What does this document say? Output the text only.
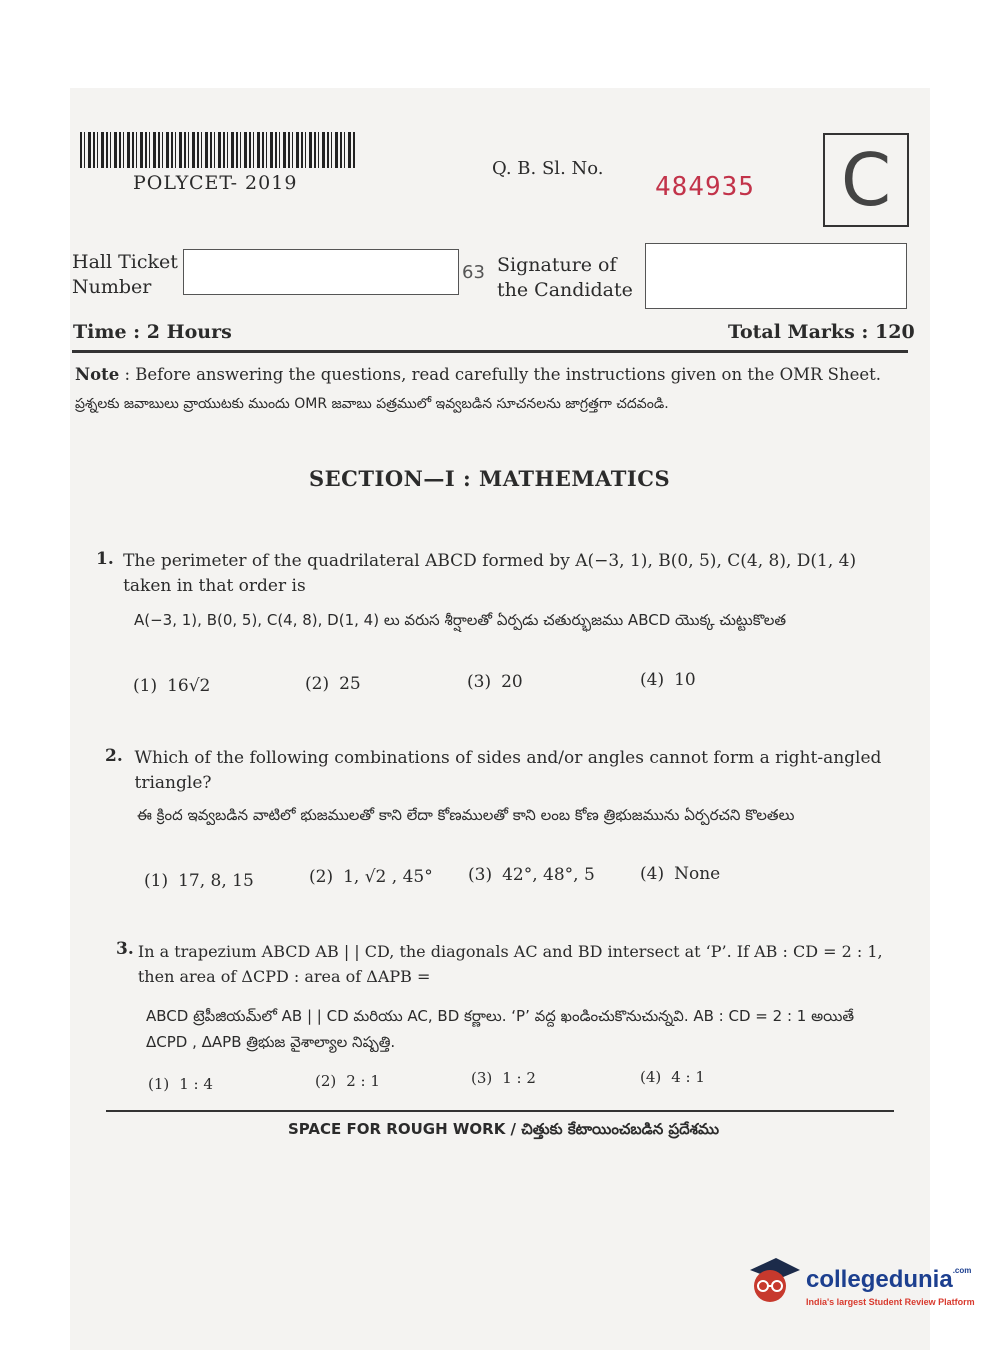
POLYCET- 2019
Q. B. Sl. No.
484935 C
Hall Ticket
Number
63 Signature of
the Candidate
Time : 2 Hours	Total Marks : 120
Note : Before answering the questions, read carefully the instructions given on the OMR Sheet.
ప్రశ్నలకు జవాబులు వ్రాయుటకు ముందు OMR జవాబు పత్రములో ఇవ్వబడిన సూచనలను జాగ్రత్తగా చదవండి.
SECTION—I : MATHEMATICS
1. The perimeter of the quadrilateral ABCD formed by A(−3, 1), B(0, 5), C(4, 8), D(1, 4) taken in that order is
A(−3, 1), B(0, 5), C(4, 8), D(1, 4) లు వరుస శీర్షాలతో ఏర్పడు చతుర్భుజము ABCD యొక్క చుట్టుకొలత
(1) 16√2	(2) 25	(3) 20	(4) 10
2. Which of the following combinations of sides and/or angles cannot form a right-angled triangle?
ఈ క్రింద ఇవ్వబడిన వాటిలో భుజములతో కాని లేదా కోణములతో కాని లంబ కోణ త్రిభుజమును ఏర్పరచని కొలతలు
(1) 17, 8, 15	(2) 1, √2 , 45° (3) 42°, 48°, 5	(4) None
3. In a trapezium ABCD AB | | CD, the diagonals AC and BD intersect at ‘P’. If AB : CD = 2 : 1, then area of ΔCPD : area of ΔAPB =
ABCD ట్రెపీజియమ్‌లో AB | | CD మరియు AC, BD కర్ణాలు. ‘P’ వద్ద ఖండించుకొనుచున్నవి. AB : CD = 2 : 1 అయితే ΔCPD , ΔAPB త్రిభుజ వైశాల్యాల నిష్పత్తి.
(1) 1 : 4	(2) 2 : 1	(3) 1 : 2	(4) 4 : 1
SPACE FOR ROUGH WORK / చిత్తుకు కేటాయించబడిన ప్రదేశము
collegedunia$^{.com}$
India's largest Student Review Platform
